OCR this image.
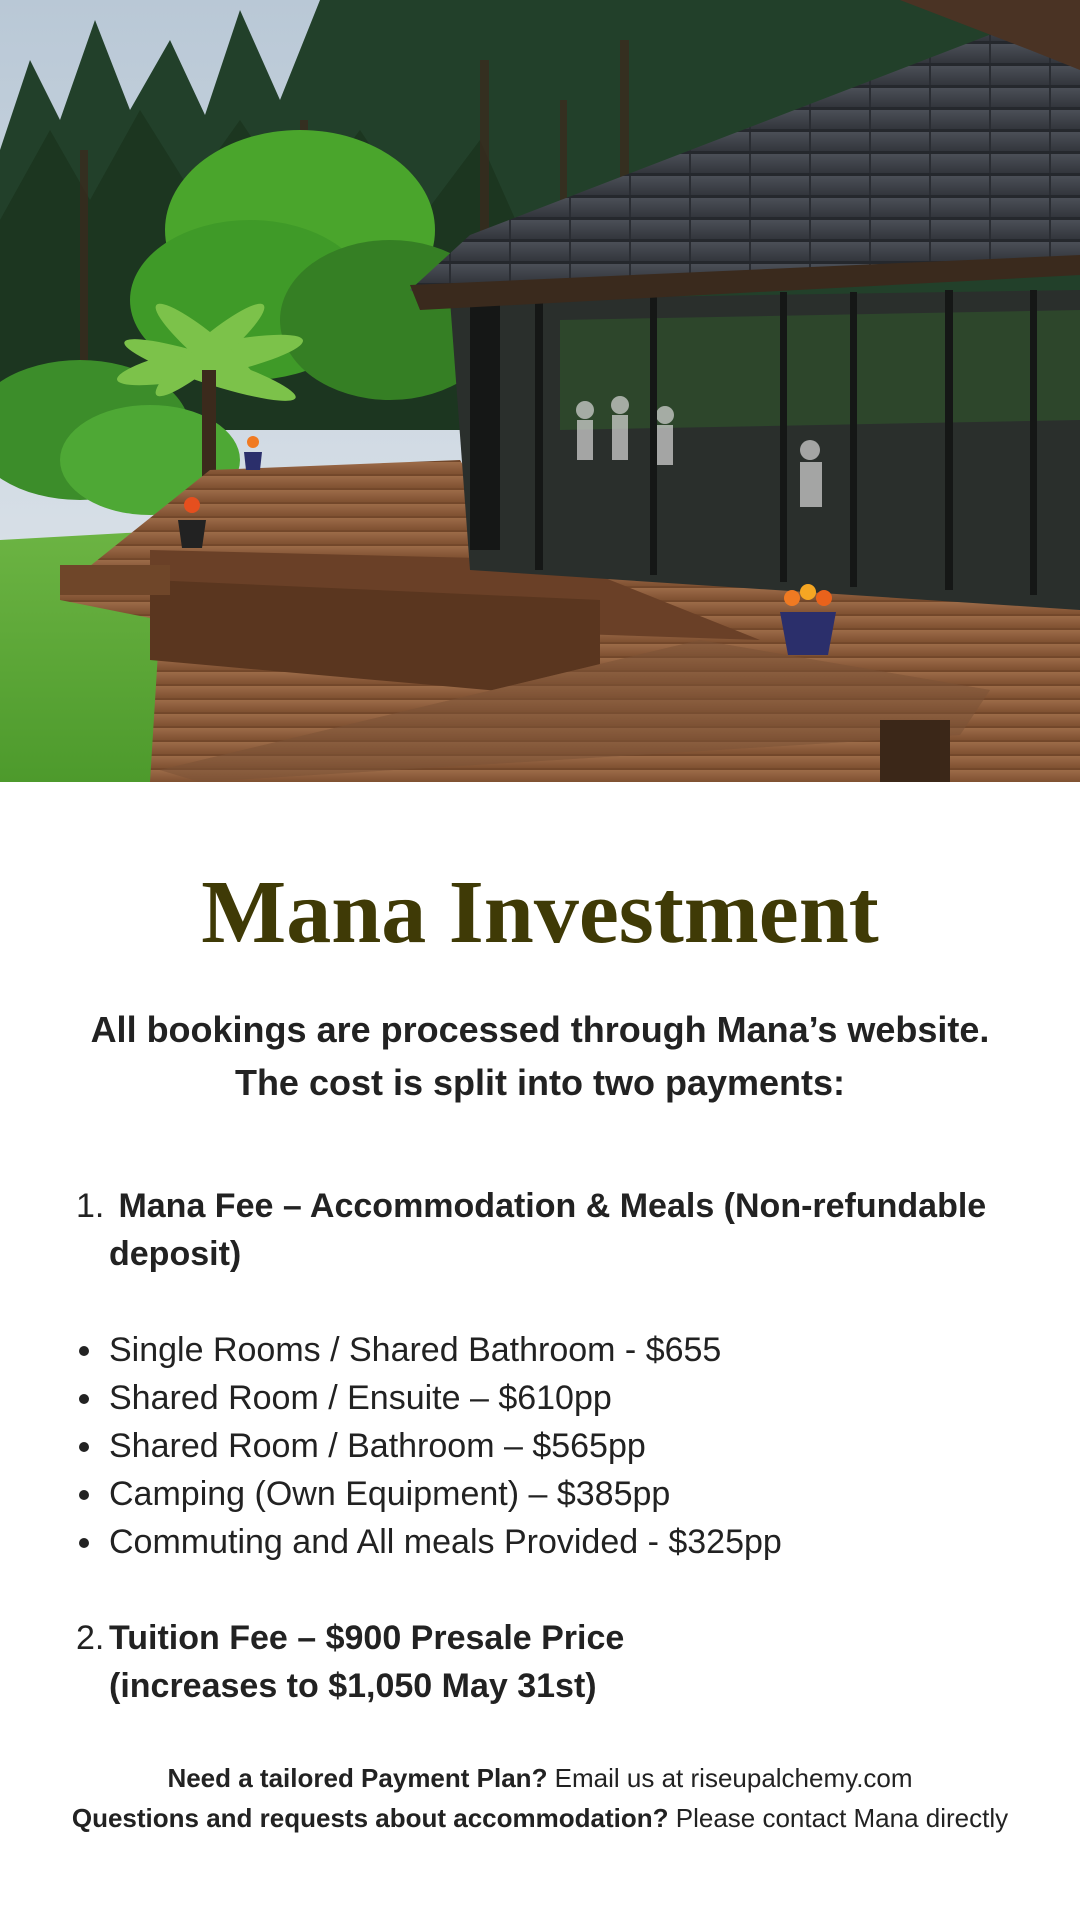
Mana Investment
All bookings are processed through Mana’s website.
The cost is split into two payments:
1. Mana Fee – Accommodation & Meals (Non-refundable deposit)
Single Rooms / Shared Bathroom - $655
Shared Room / Ensuite – $610pp
Shared Room / Bathroom – $565pp
Camping (Own Equipment) – $385pp
Commuting and All meals Provided - $325pp
2. Tuition Fee – $900 Presale Price
(increases to $1,050 May 31st)
Need a tailored Payment Plan? Email us at riseupalchemy.com
Questions and requests about accommodation? Please contact Mana directly
